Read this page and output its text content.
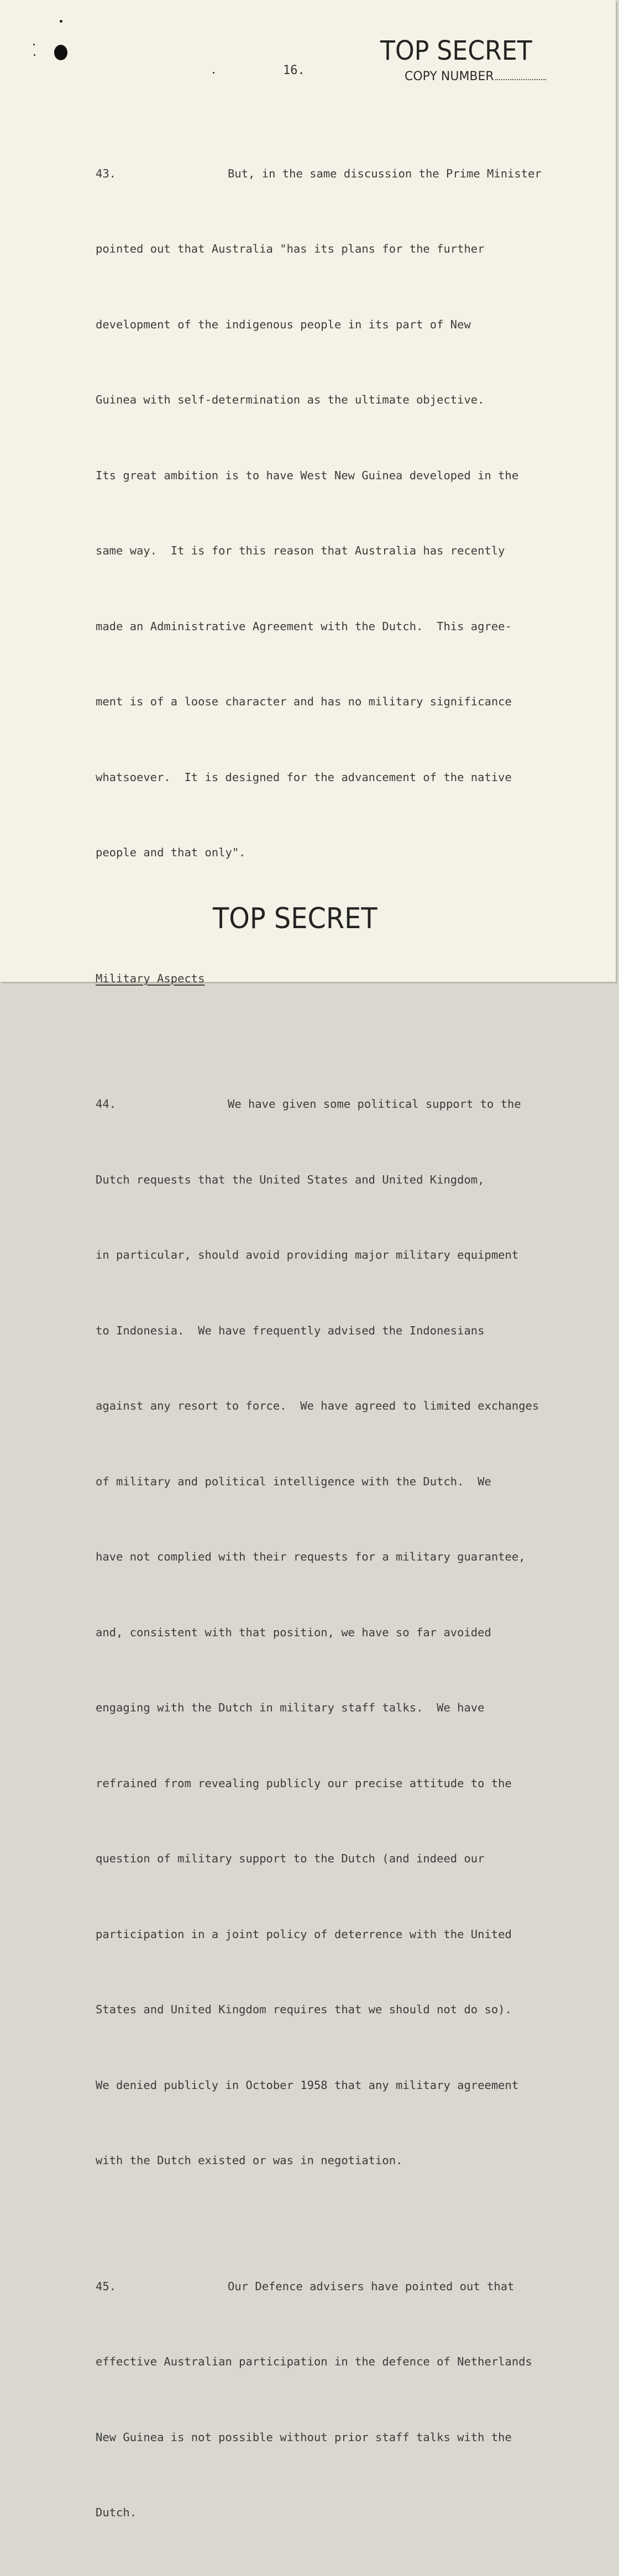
TOP SECRET
16.	COPY NUMBER

43.	But, in the same discussion the Prime Minister

pointed out that Australia "has its plans for the further

development of the indigenous people in its part of New

Guinea with self-determination as the ultimate objective.

Its great ambition is to have West New Guinea developed in the

same way.  It is for this reason that Australia has recently

made an Administrative Agreement with the Dutch.  This agree-

ment is of a loose character and has no military significance

whatsoever.  It is designed for the advancement of the native

people and that only".

Military Aspects

44.	We have given some political support to the

Dutch requests that the United States and United Kingdom,

in particular, should avoid providing major military equipment

to Indonesia.  We have frequently advised the Indonesians

against any resort to force.  We have agreed to limited exchanges

of military and political intelligence with the Dutch.  We

have not complied with their requests for a military guarantee,

and, consistent with that position, we have so far avoided

engaging with the Dutch in military staff talks.  We have

refrained from revealing publicly our precise attitude to the

question of military support to the Dutch (and indeed our

participation in a joint policy of deterrence with the United

States and United Kingdom requires that we should not do so).

We denied publicly in October 1958 that any military agreement

with the Dutch existed or was in negotiation.

45.	Our Defence advisers have pointed out that

effective Australian participation in the defence of Netherlands

New Guinea is not possible without prior staff talks with the

Dutch.

TOP SECRET
